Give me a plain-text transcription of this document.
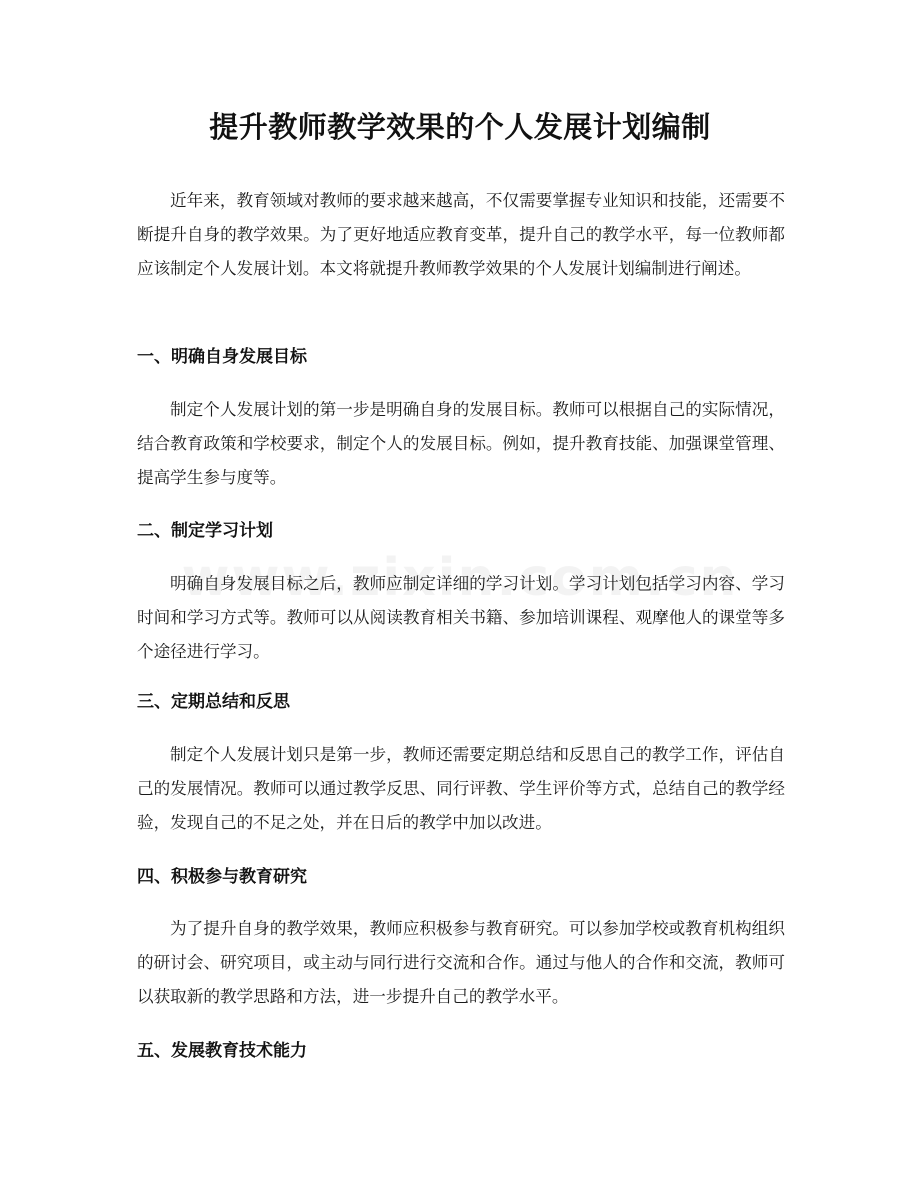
提升教师教学效果的个人发展计划编制

近年来，教育领域对教师的要求越来越高，不仅需要掌握专业知识和技能，还需要不断提升自身的教学效果。为了更好地适应教育变革，提升自己的教学水平，每一位教师都应该制定个人发展计划。本文将就提升教师教学效果的个人发展计划编制进行阐述。

一、明确自身发展目标

制定个人发展计划的第一步是明确自身的发展目标。教师可以根据自己的实际情况，结合教育政策和学校要求，制定个人的发展目标。例如，提升教育技能、加强课堂管理、提高学生参与度等。

二、制定学习计划

明确自身发展目标之后，教师应制定详细的学习计划。学习计划包括学习内容、学习时间和学习方式等。教师可以从阅读教育相关书籍、参加培训课程、观摩他人的课堂等多个途径进行学习。

三、定期总结和反思

制定个人发展计划只是第一步，教师还需要定期总结和反思自己的教学工作，评估自己的发展情况。教师可以通过教学反思、同行评教、学生评价等方式，总结自己的教学经验，发现自己的不足之处，并在日后的教学中加以改进。

四、积极参与教育研究

为了提升自身的教学效果，教师应积极参与教育研究。可以参加学校或教育机构组织的研讨会、研究项目，或主动与同行进行交流和合作。通过与他人的合作和交流，教师可以获取新的教学思路和方法，进一步提升自己的教学水平。

五、发展教育技术能力
